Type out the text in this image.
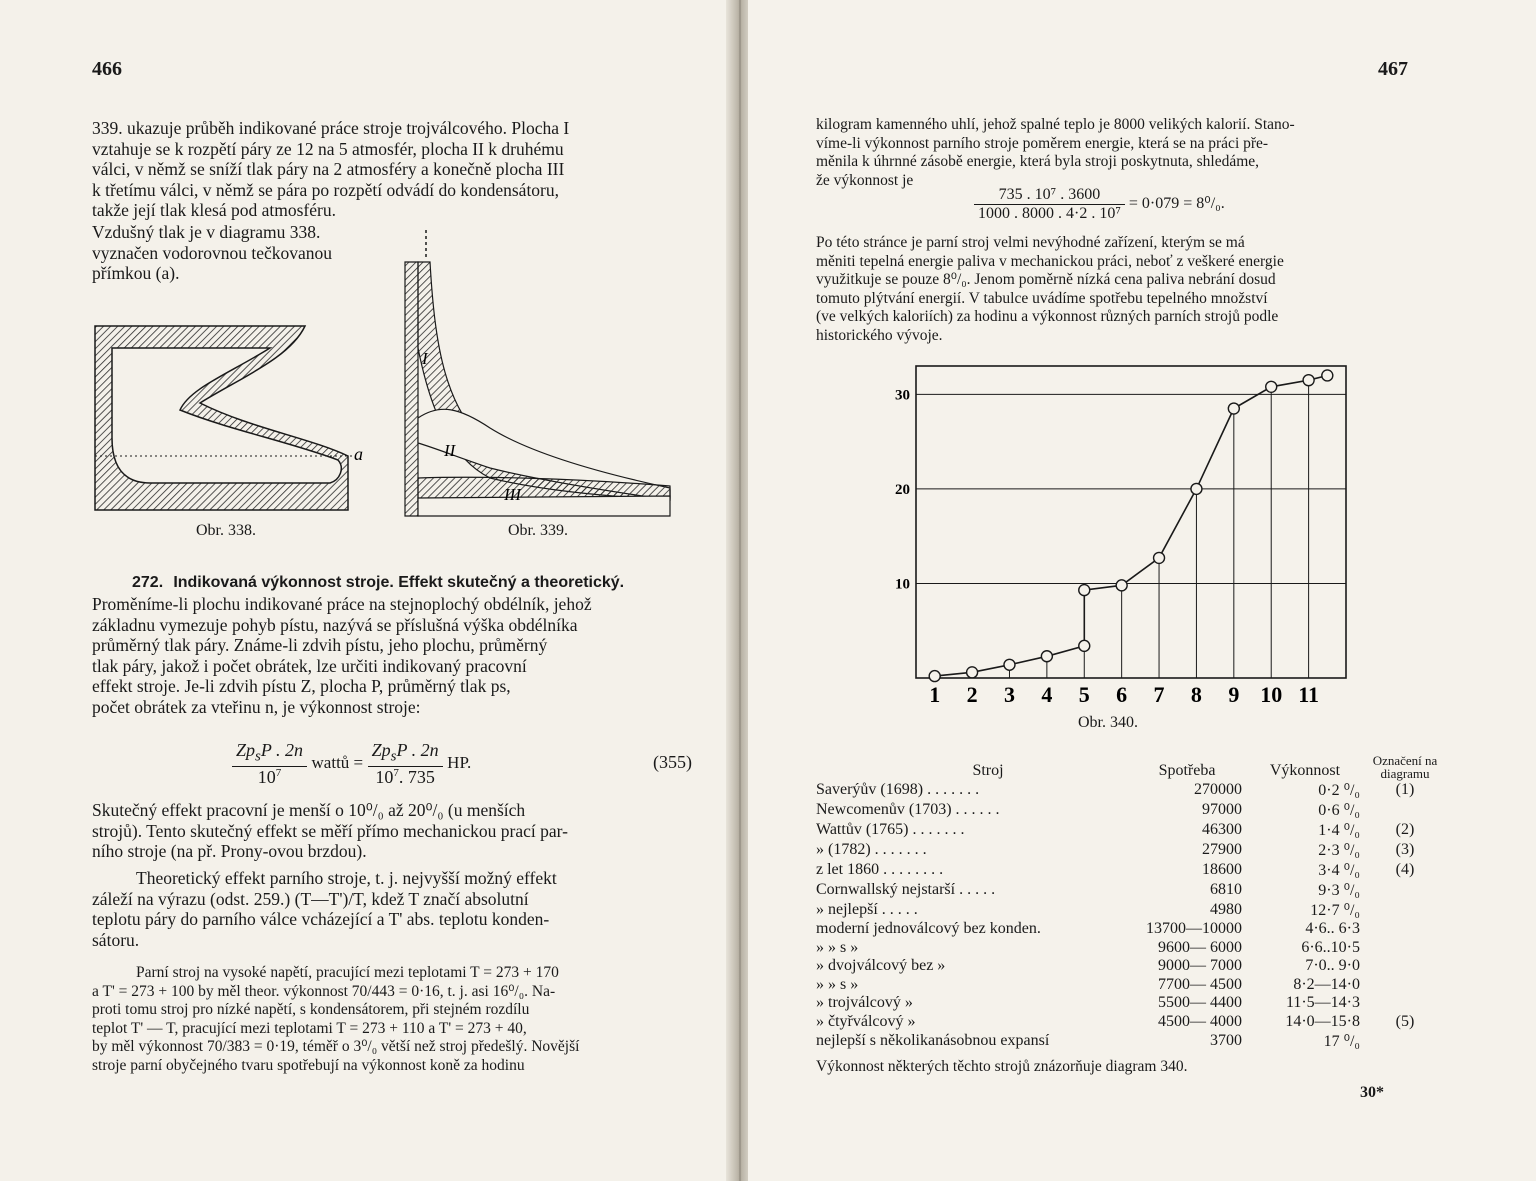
466

339. ukazuje průběh indikované práce stroje trojválcového. Plocha I

vztahuje se k rozpětí páry ze 12 na 5 atmosfér, plocha II k druhému

válci, v němž se sníží tlak páry na 2 atmosféry a konečně plocha III

k třetímu válci, v němž se pára po rozpětí odvádí do kondensátoru,

takže její tlak klesá pod atmosféru.

Vzdušný tlak je v diagramu 338.

vyznačen vodorovnou tečkovanou

přímkou (a).

a
Obr. 338.
I
II
III
Obr. 339.
272. Indikovaná výkonnost stroje. Effekt skutečný a theoretický.

Proměníme-li plochu indikované práce na stejnoplochý obdélník, jehož

základnu vymezuje pohyb pístu, nazývá se příslušná výška obdélníka

průměrný tlak páry. Známe-li zdvih pístu, jeho plochu, průměrný

tlak páry, jakož i počet obrátek, lze určiti indikovaný pracovní

effekt stroje. Je-li zdvih pístu Z, plocha P, průměrný tlak ps,

počet obrátek za vteřinu n, je výkonnost stroje:

$\frac{Zp_sP . 2n}{10^7}$ wattů = $\frac{Zp_sP . 2n}{10^7. 735}$ HP.	(355)

Skutečný effekt pracovní je menší o 10⁰/₀ až 20⁰/₀ (u menších

strojů). Tento skutečný effekt se měří přímo mechanickou prací par-

ního stroje (na př. Prony-ovou brzdou).

Theoretický effekt parního stroje, t. j. nejvyšší možný effekt

záleží na výrazu (odst. 259.) (T—T')/T, kdež T značí absolutní

teplotu páry do parního válce vcházející a T' abs. teplotu konden-

sátoru.

Parní stroj na vysoké napětí, pracující mezi teplotami T = 273 + 170

a T' = 273 + 100 by měl theor. výkonnost 70/443 = 0·16, t. j. asi 16⁰/₀. Na-

proti tomu stroj pro nízké napětí, s kondensátorem, při stejném rozdílu

teplot T' — T, pracující mezi teplotami T = 273 + 110 a T' = 273 + 40,

by měl výkonnost 70/383 = 0·19, téměř o 3⁰/₀ větší než stroj předešlý. Novější

stroje parní obyčejného tvaru spotřebují na výkonnost koně za hodinu

467

kilogram kamenného uhlí, jehož spalné teplo je 8000 velikých kalorií. Stano-

víme-li výkonnost parního stroje poměrem energie, která se na práci pře-

měnila k úhrnné zásobě energie, která byla stroji poskytnuta, shledáme,

že výkonnost je

$\frac{\text{735 . 10⁷ . 3600}}{\text{1000 . 8000 . 4·2 . 10⁷}} = 0\cdot 079 = 8^0/_0$.

Po této stránce je parní stroj velmi nevýhodné zařízení, kterým se má

měniti tepelná energie paliva v mechanickou práci, neboť z veškeré energie

využitkuje se pouze 8⁰/₀. Jenom poměrně nízká cena paliva nebrání dosud

tomuto plýtvání energií. V tabulce uvádíme spotřebu tepelného množství

(ve velkých kaloriích) za hodinu a výkonnost různých parních strojů podle

historického vývoje.

10
20
30
1 2 3 4 5 6 7 8 9 10 11
Obr. 340.
Stroj	Spotřeba	Výkonnost	Označení na diagramu
Saverýův (1698) . . . . . . .	270000	0·2 ⁰/₀	(1)
Newcomenův (1703) . . . . . .	97000	0·6 ⁰/₀	
Wattův (1765) . . . . . . .	46300	1·4 ⁰/₀	(2)
» (1782) . . . . . . .	27900	2·3 ⁰/₀	(3)
z let 1860 . . . . . . . .	18600	3·4 ⁰/₀	(4)
Cornwallský nejstarší . . . . .	6810	9·3 ⁰/₀	
» nejlepší . . . . .	4980	12·7 ⁰/₀	
moderní jednoválcový bez konden.	13700—10000	4·6.. 6·3	
» » s »	9600— 6000	6·6..10·5	
» dvojválcový bez »	9000— 7000	7·0.. 9·0	
» » s »	7700— 4500	8·2—14·0	
» trojválcový »	5500— 4400	11·5—14·3	
» čtyřválcový »	4500— 4000	14·0—15·8	(5)
nejlepší s několikanásobnou expansí	3700	17 ⁰/₀	
Výkonnost některých těchto strojů znázorňuje diagram 340.
30*
